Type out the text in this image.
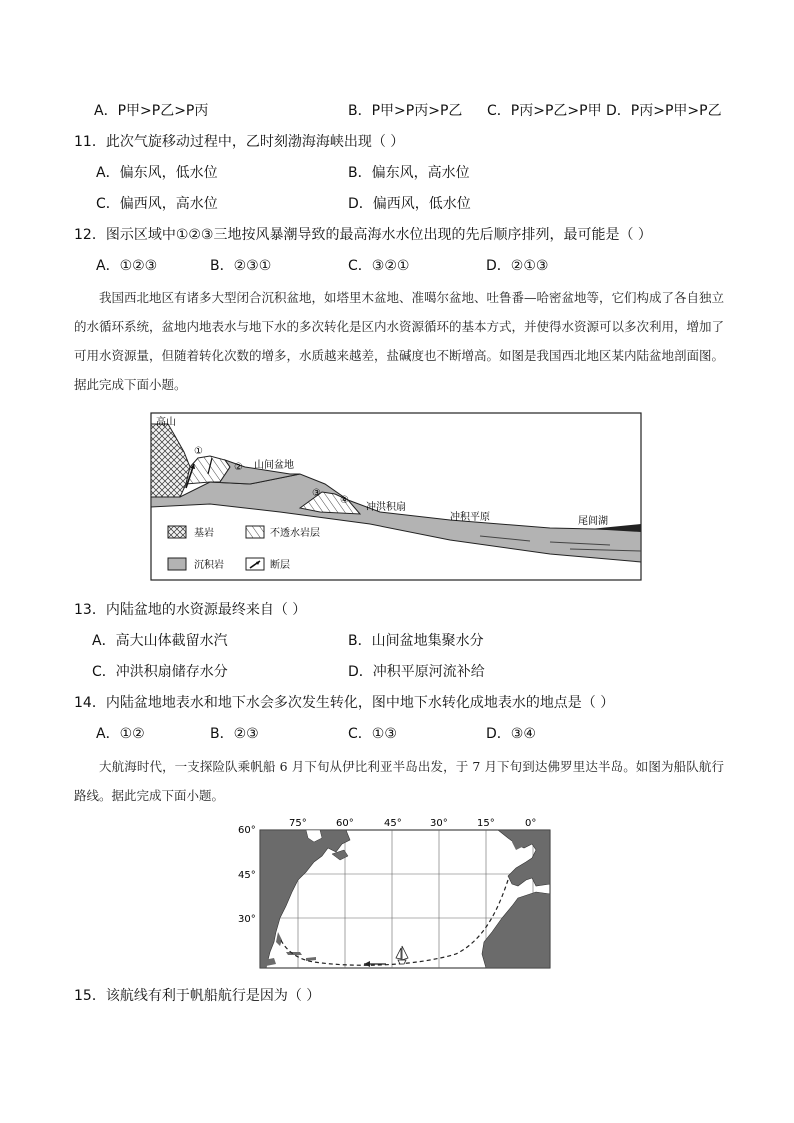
A．P甲>P乙>P丙	B．P甲>P丙>P乙 C．P丙>P乙>P甲 D．P丙>P甲>P乙
11．此次气旋移动过程中，乙时刻渤海海峡出现（ ）
A．偏东风，低水位	B．偏东风，高水位
C．偏西风，高水位	D．偏西风，低水位
12．图示区域中①②③三地按风暴潮导致的最高海水水位出现的先后顺序排列，最可能是（ ）
A．①②③	B．②③①	C．③②①	D．②①③

我国西北地区有诸多大型闭合沉积盆地，如塔里木盆地、准噶尔盆地、吐鲁番—哈密盆地等，它们构成了各自独立的水循环系统，盆地内地表水与地下水的多次转化是区内水资源循环的基本方式，并使得水资源可以多次利用，增加了可用水资源量，但随着转化次数的增多，水质越来越差，盐碱度也不断增高。如图是我国西北地区某内陆盆地剖面图。据此完成下面小题。

①
②
③
④
高山
山间盆地
冲洪积扇
冲积平原	尾闾湖
基岩	不透水岩层
沉积岩	断层
13．内陆盆地的水资源最终来自（ ）
A．高大山体截留水汽	B．山间盆地集聚水分
C．冲洪积扇储存水分	D．冲积平原河流补给
14．内陆盆地地表水和地下水会多次发生转化，图中地下水转化成地表水的地点是（ ）
A．①②	B．②③	C．①③	D．③④

大航海时代，一支探险队乘帆船 6 月下旬从伊比利亚半岛出发，于 7 月下旬到达佛罗里达半岛。如图为船队航行路线。据此完成下面小题。

75°	60°	45°	30°	15°	0°
60°
45°
30°
15．该航线有利于帆船航行是因为（ ）
